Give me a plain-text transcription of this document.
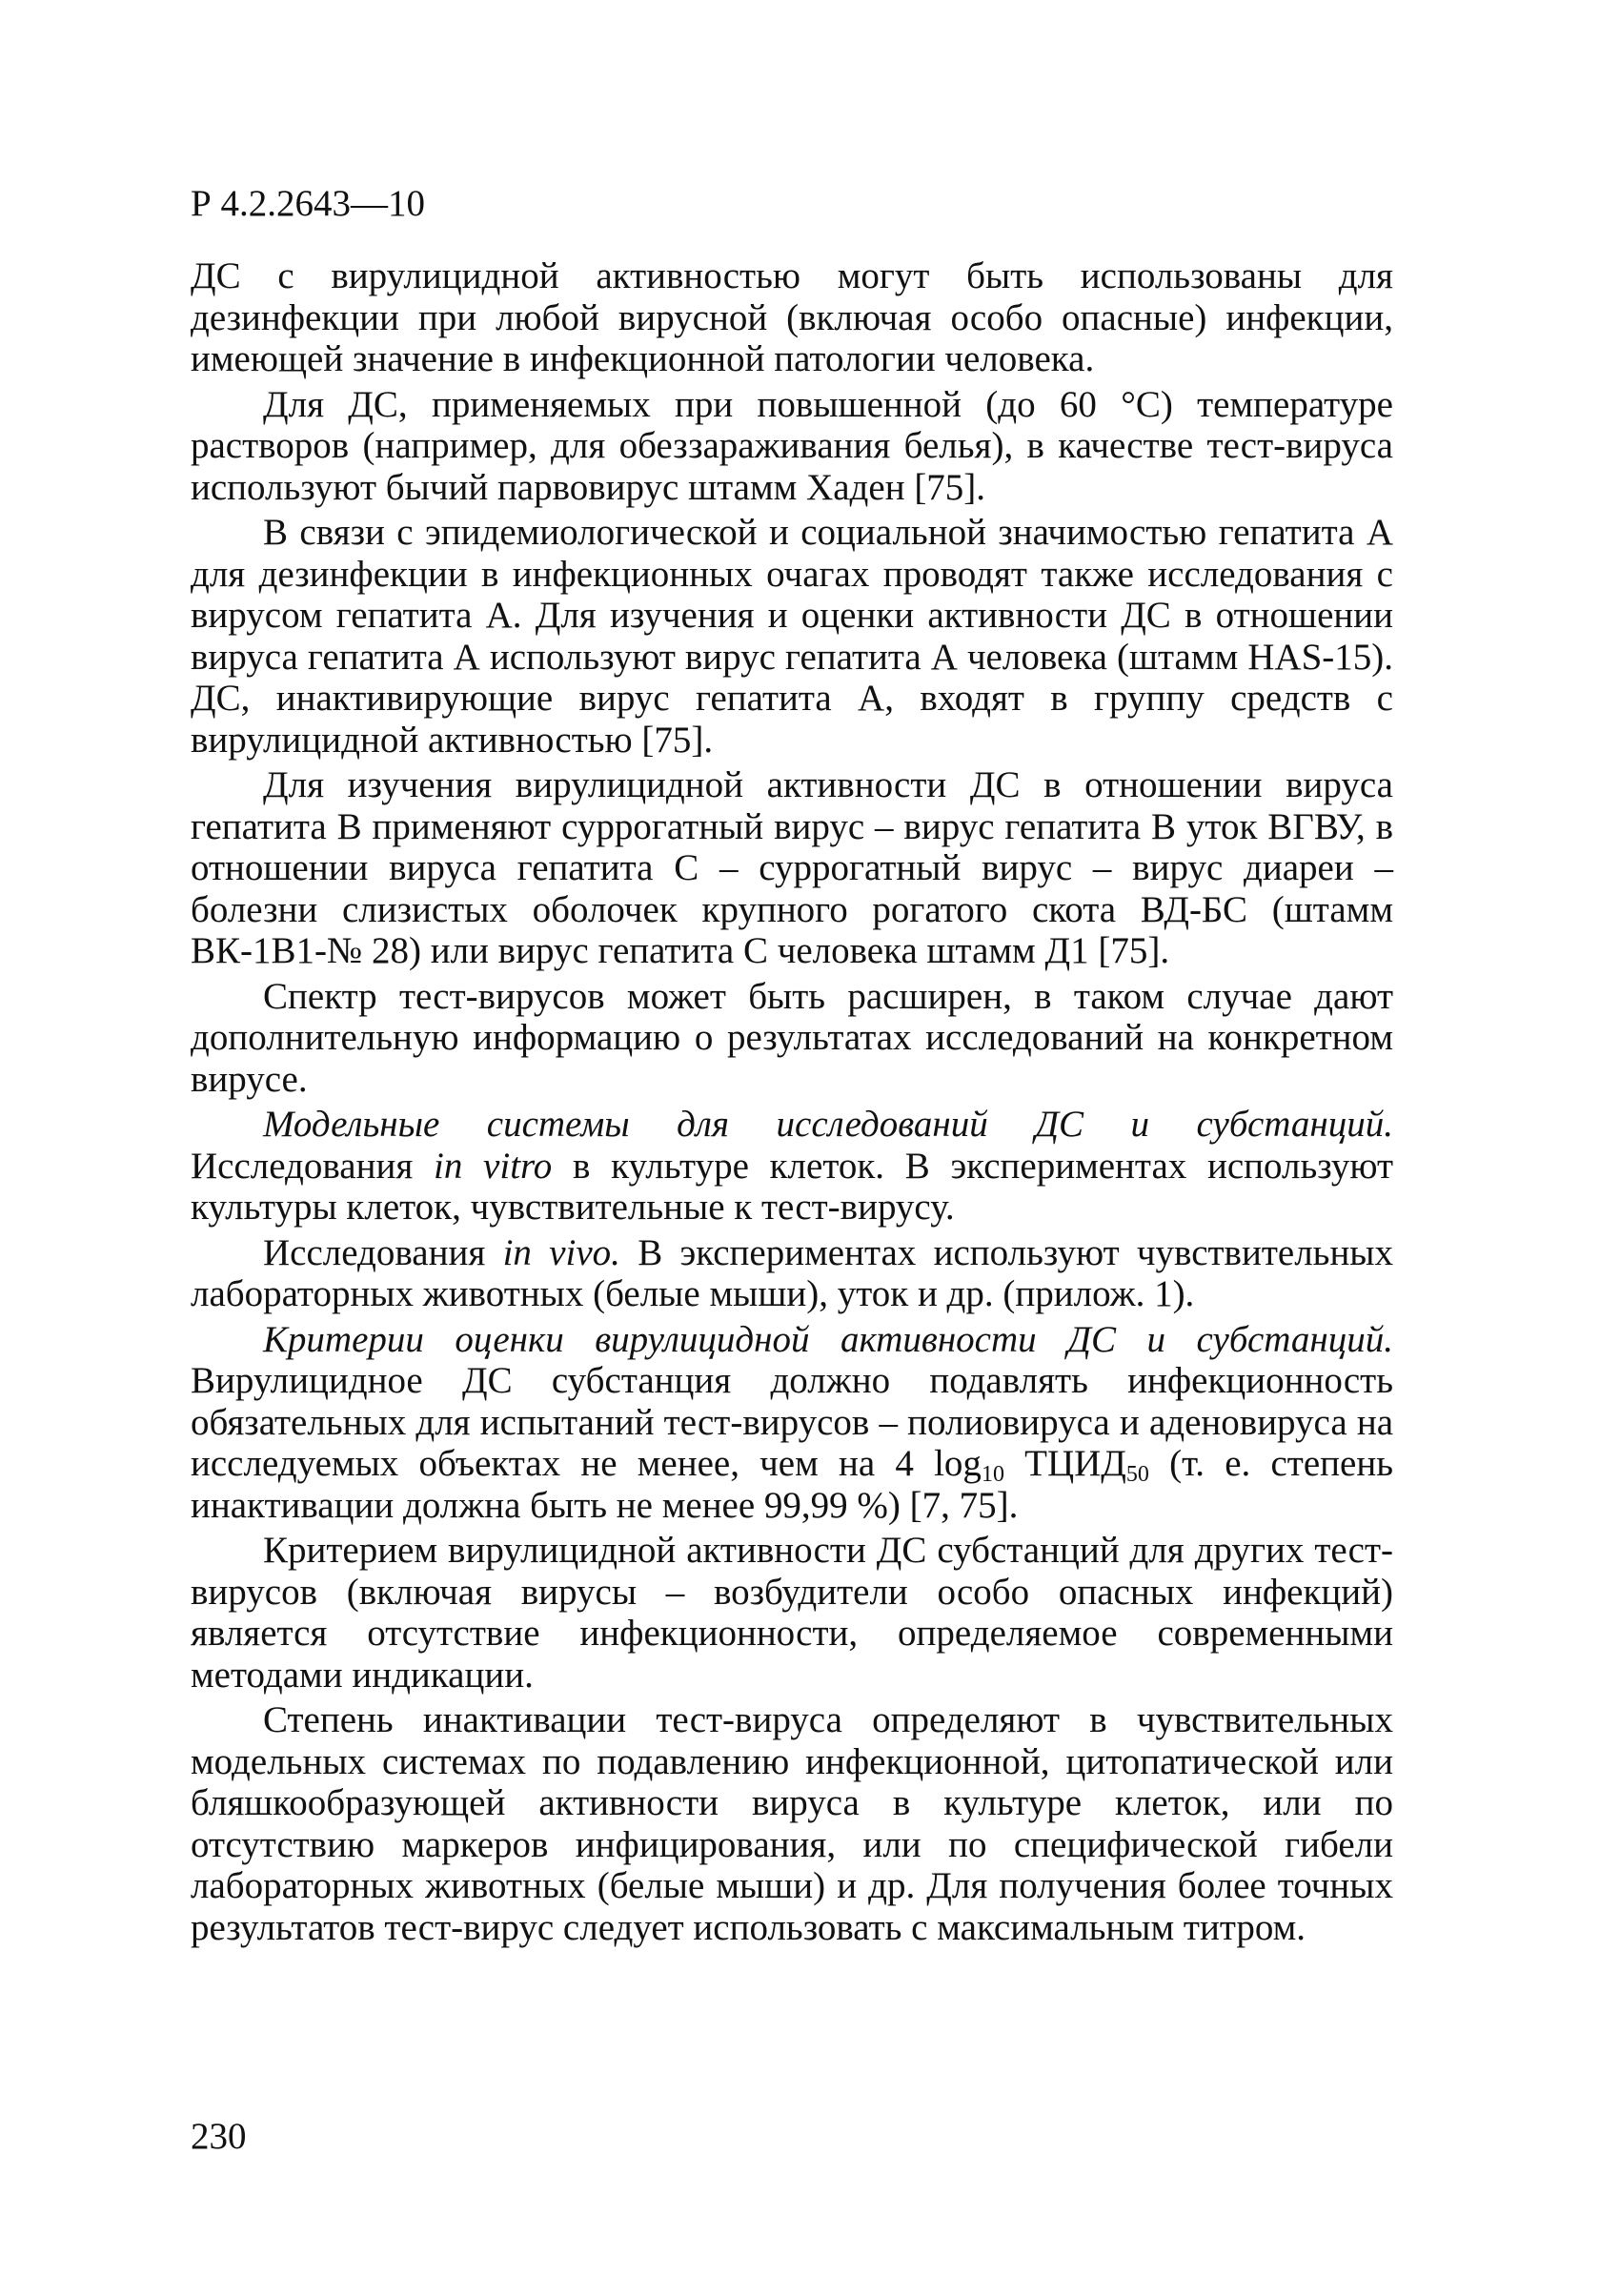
Р 4.2.2643—10

ДС с вирулицидной активностью могут быть использованы для дезинфекции при любой вирусной (включая особо опасные) инфекции, имеющей значение в инфекционной патологии человека.

Для ДС, применяемых при повышенной (до 60 °С) температуре растворов (например, для обеззараживания белья), в качестве тест-вируса используют бычий парвовирус штамм Хаден [75].

В связи с эпидемиологической и социальной значимостью гепатита А для дезинфекции в инфекционных очагах проводят также исследования с вирусом гепатита А. Для изучения и оценки активности ДС в отношении вируса гепатита А используют вирус гепатита А человека (штамм HAS-15). ДС, инактивирующие вирус гепатита А, входят в группу средств с вирулицидной активностью [75].

Для изучения вирулицидной активности ДС в отношении вируса гепатита В применяют суррогатный вирус – вирус гепатита В уток ВГВУ, в отношении вируса гепатита С – суррогатный вирус – вирус диареи – болезни слизистых оболочек крупного рогатого скота ВД-БС (штамм ВК-1В1-№ 28) или вирус гепатита С человека штамм Д1 [75].

Спектр тест-вирусов может быть расширен, в таком случае дают дополнительную информацию о результатах исследований на конкретном вирусе.

Модельные системы для исследований ДС и субстанций. Исследования in vitro в культуре клеток. В экспериментах используют культуры клеток, чувствительные к тест-вирусу.

Исследования in vivo. В экспериментах используют чувствительных лабораторных животных (белые мыши), уток и др. (прилож. 1).

Критерии оценки вирулицидной активности ДС и субстанций. Вирулицидное ДС субстанция должно подавлять инфекционность обязательных для испытаний тест-вирусов – полиовируса и аденовируса на исследуемых объектах не менее, чем на 4 $\log_{10}$ $ТЦИД_{50}$ (т. е. степень инактивации должна быть не менее 99,99 %) [7, 75].

Критерием вирулицидной активности ДС субстанций для других тест-вирусов (включая вирусы – возбудители особо опасных инфекций) является отсутствие инфекционности, определяемое современными методами индикации.

Степень инактивации тест-вируса определяют в чувствительных модельных системах по подавлению инфекционной, цитопатической или бляшкообразующей активности вируса в культуре клеток, или по отсутствию маркеров инфицирования, или по специфической гибели лабораторных животных (белые мыши) и др. Для получения более точных результатов тест-вирус следует использовать с максимальным титром.

230
